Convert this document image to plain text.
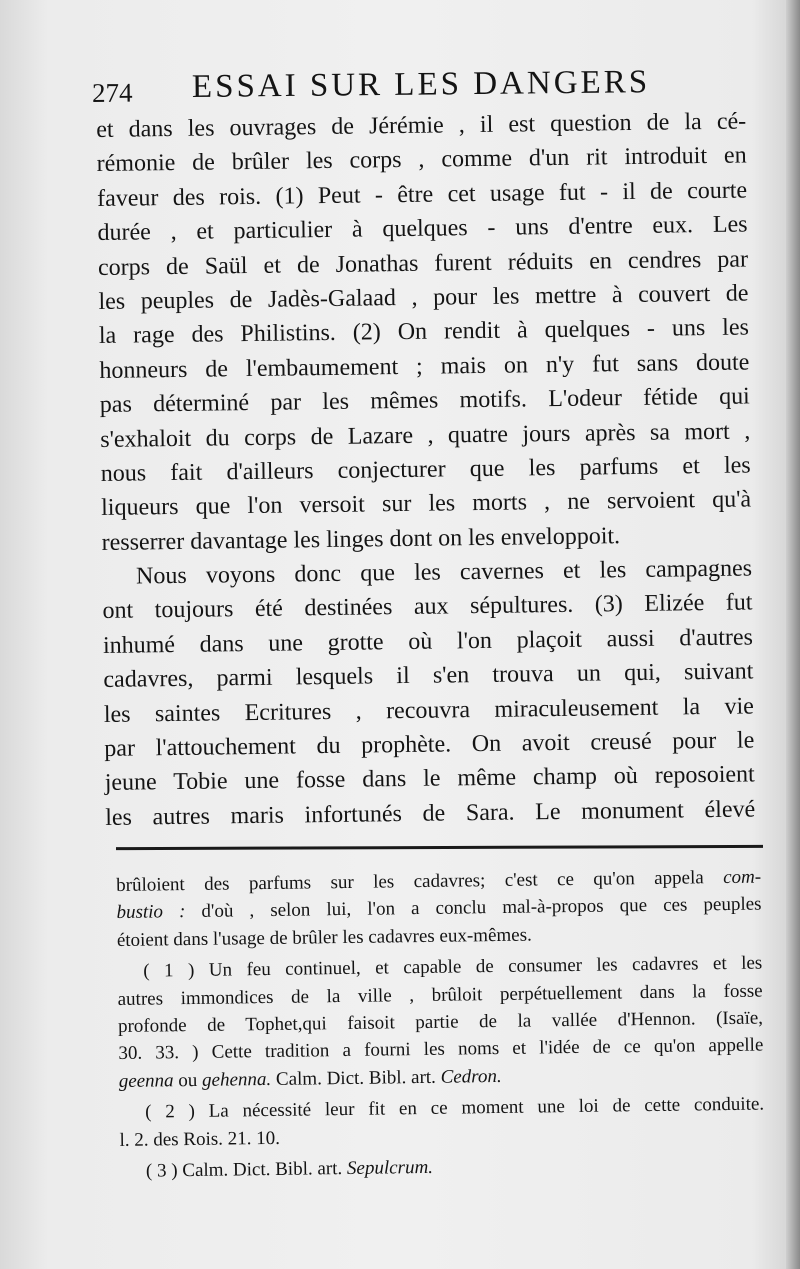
274 ESSAI SUR LES DANGERS
et dans les ouvrages de Jérémie , il est question de la cé-
rémonie de brûler les corps , comme d'un rit introduit en
faveur des rois. (1) Peut - être cet usage fut - il de courte
durée , et particulier à quelques - uns d'entre eux. Les
corps de Saül et de Jonathas furent réduits en cendres par
les peuples de Jadès-Galaad , pour les mettre à couvert de
la rage des Philistins. (2) On rendit à quelques - uns les
honneurs de l'embaumement ; mais on n'y fut sans doute
pas déterminé par les mêmes motifs. L'odeur fétide qui
s'exhaloit du corps de Lazare , quatre jours après sa mort ,
nous fait d'ailleurs conjecturer que les parfums et les
liqueurs que l'on versoit sur les morts , ne servoient qu'à
resserrer davantage les linges dont on les enveloppoit.
Nous voyons donc que les cavernes et les campagnes
ont toujours été destinées aux sépultures. (3) Elizée fut
inhumé dans une grotte où l'on plaçoit aussi d'autres
cadavres, parmi lesquels il s'en trouva un qui, suivant
les saintes Ecritures , recouvra miraculeusement la vie
par l'attouchement du prophète. On avoit creusé pour le
jeune Tobie une fosse dans le même champ où reposoient
les autres maris infortunés de Sara. Le monument élevé
brûloient des parfums sur les cadavres; c'est ce qu'on appela com-
bustio : d'où , selon lui, l'on a conclu mal-à-propos que ces peuples
étoient dans l'usage de brûler les cadavres eux-mêmes.
( 1 ) Un feu continuel, et capable de consumer les cadavres et les
autres immondices de la ville , brûloit perpétuellement dans la fosse
profonde de Tophet,qui faisoit partie de la vallée d'Hennon. (Isaïe,
30. 33. ) Cette tradition a fourni les noms et l'idée de ce qu'on appelle
geenna ou gehenna. Calm. Dict. Bibl. art. Cedron.
( 2 ) La nécessité leur fit en ce moment une loi de cette conduite.
l. 2. des Rois. 21. 10.
( 3 ) Calm. Dict. Bibl. art. Sepulcrum.
